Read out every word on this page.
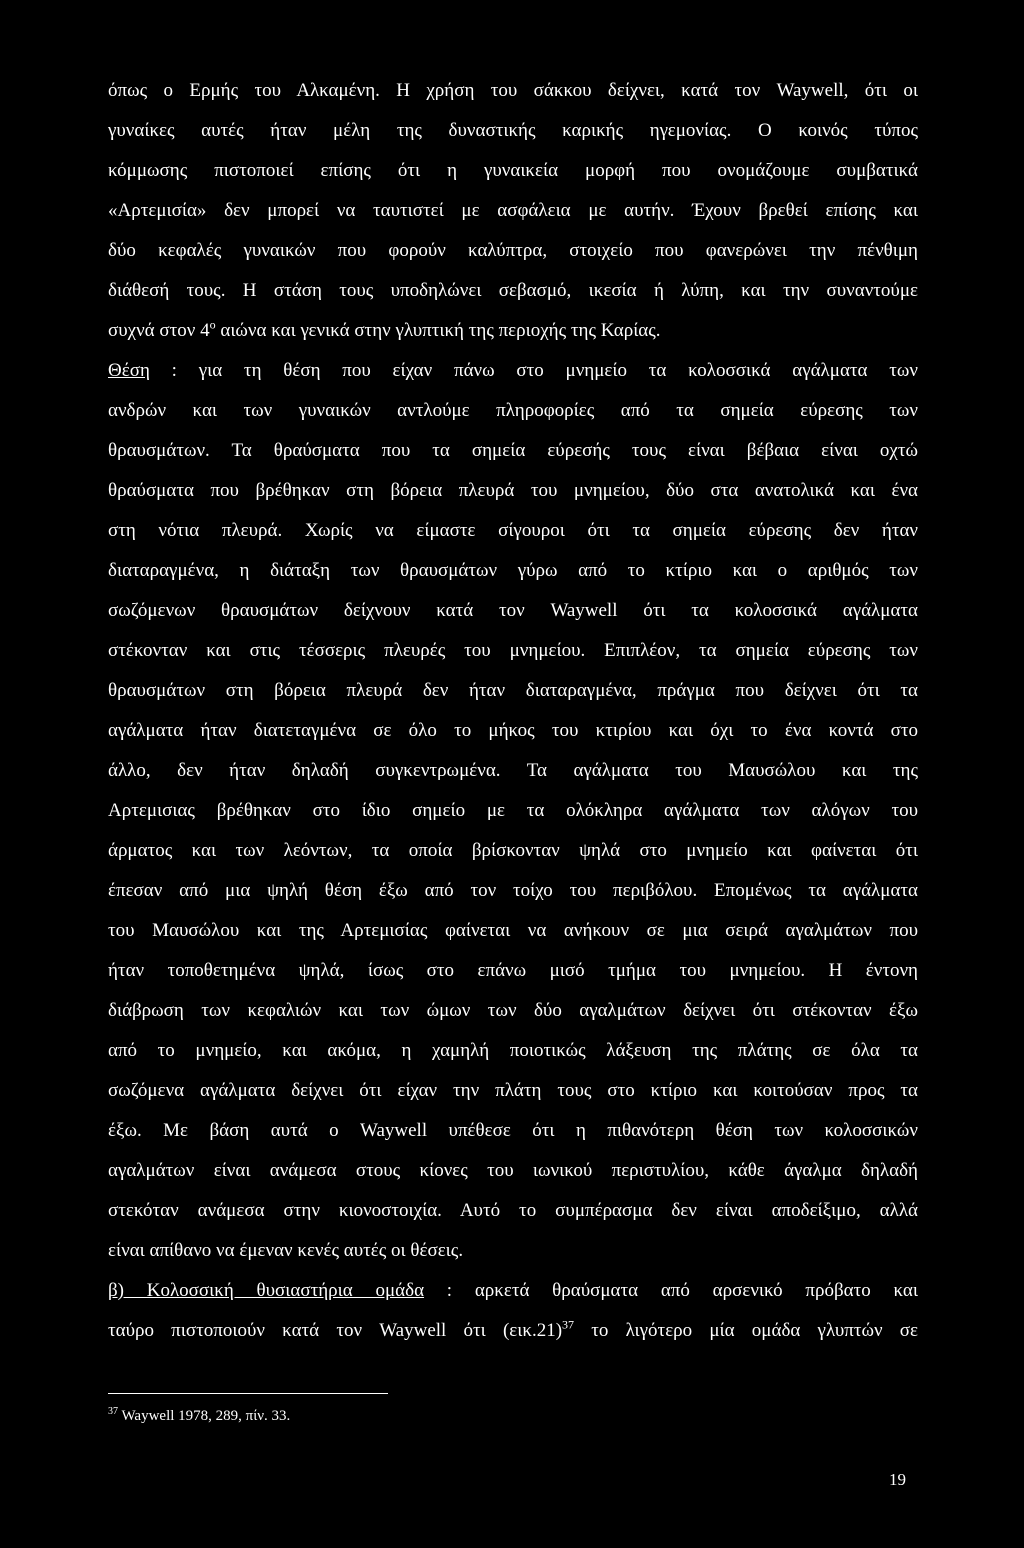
όπως ο Ερμής του Αλκαμένη. Η χρήση του σάκκου δείχνει, κατά τον Waywell, ότι οι
γυναίκες αυτές ήταν μέλη της δυναστικής καρικής ηγεμονίας. Ο κοινός τύπος
κόμμωσης πιστοποιεί επίσης ότι η γυναικεία μορφή που ονομάζουμε συμβατικά
«Αρτεμισία» δεν μπορεί να ταυτιστεί με ασφάλεια με αυτήν. Έχουν βρεθεί επίσης και
δύο κεφαλές γυναικών που φορούν καλύπτρα, στοιχείο που φανερώνει την πένθιμη
διάθεσή τους. Η στάση τους υποδηλώνει σεβασμό, ικεσία ή λύπη, και την συναντούμε
συχνά στον $4^o$ αιώνα και γενικά στην γλυπτική της περιοχής της Καρίας.
Θέση : για τη θέση που είχαν πάνω στο μνημείο τα κολοσσικά αγάλματα των
ανδρών και των γυναικών αντλούμε πληροφορίες από τα σημεία εύρεσης των
θραυσμάτων. Τα θραύσματα που τα σημεία εύρεσής τους είναι βέβαια είναι οχτώ
θραύσματα που βρέθηκαν στη βόρεια πλευρά του μνημείου, δύο στα ανατολικά και ένα
στη νότια πλευρά. Χωρίς να είμαστε σίγουροι ότι τα σημεία εύρεσης δεν ήταν
διαταραγμένα, η διάταξη των θραυσμάτων γύρω από το κτίριο και ο αριθμός των
σωζόμενων θραυσμάτων δείχνουν κατά τον Waywell ότι τα κολοσσικά αγάλματα
στέκονταν και στις τέσσερις πλευρές του μνημείου. Επιπλέον, τα σημεία εύρεσης των
θραυσμάτων στη βόρεια πλευρά δεν ήταν διαταραγμένα, πράγμα που δείχνει ότι τα
αγάλματα ήταν διατεταγμένα σε όλο το μήκος του κτιρίου και όχι το ένα κοντά στο
άλλο, δεν ήταν δηλαδή συγκεντρωμένα. Τα αγάλματα του Μαυσώλου και της
Αρτεμισιας βρέθηκαν στο ίδιο σημείο με τα ολόκληρα αγάλματα των αλόγων του
άρματος και των λεόντων, τα οποία βρίσκονταν ψηλά στο μνημείο και φαίνεται ότι
έπεσαν από μια ψηλή θέση έξω από τον τοίχο του περιβόλου. Επομένως τα αγάλματα
του Μαυσώλου και της Αρτεμισίας φαίνεται να ανήκουν σε μια σειρά αγαλμάτων που
ήταν τοποθετημένα ψηλά, ίσως στο επάνω μισό τμήμα του μνημείου. Η έντονη
διάβρωση των κεφαλιών και των ώμων των δύο αγαλμάτων δείχνει ότι στέκονταν έξω
από το μνημείο, και ακόμα, η χαμηλή ποιοτικώς λάξευση της πλάτης σε όλα τα
σωζόμενα αγάλματα δείχνει ότι είχαν την πλάτη τους στο κτίριο και κοιτούσαν προς τα
έξω. Με βάση αυτά ο Waywell υπέθεσε ότι η πιθανότερη θέση των κολοσσικών
αγαλμάτων είναι ανάμεσα στους κίονες του ιωνικού περιστυλίου, κάθε άγαλμα δηλαδή
στεκόταν ανάμεσα στην κιονοστοιχία. Αυτό το συμπέρασμα δεν είναι αποδείξιμο, αλλά
είναι απίθανο να έμεναν κενές αυτές οι θέσεις.
β) Κολοσσική θυσιαστήρια ομάδα : αρκετά θραύσματα από αρσενικό πρόβατο και
ταύρο πιστοποιούν κατά τον Waywell ότι $(\varepsilon\iota\kappa.21)^{37}$ το λιγότερο μία ομάδα γλυπτών σε
$^{37}$ Waywell 1978, 289, πίν. 33.
19
